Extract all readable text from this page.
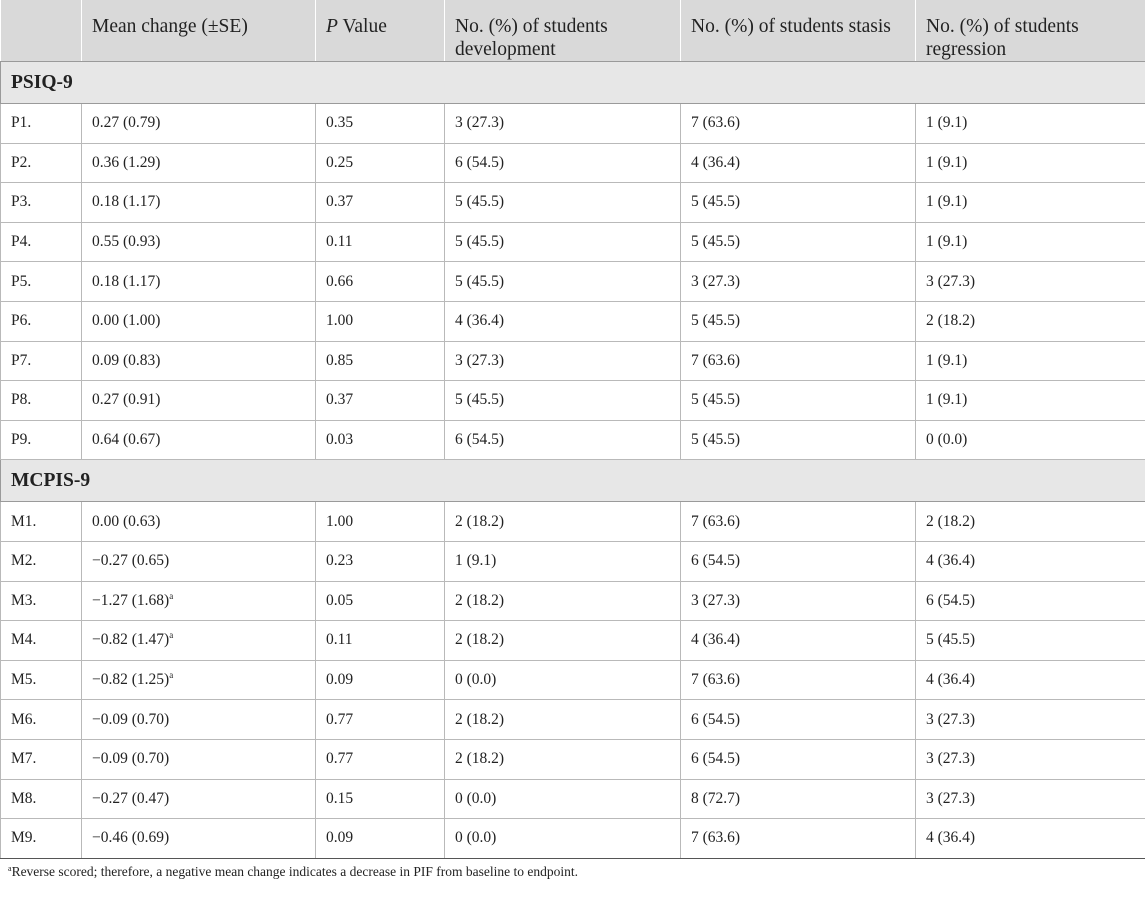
	Mean change (±SE)	P Value	No. (%) of students development	No. (%) of students stasis	No. (%) of students regression
PSIQ-9					
P1.	0.27 (0.79)	0.35	3 (27.3)	7 (63.6)	1 (9.1)
P2.	0.36 (1.29)	0.25	6 (54.5)	4 (36.4)	1 (9.1)
P3.	0.18 (1.17)	0.37	5 (45.5)	5 (45.5)	1 (9.1)
P4.	0.55 (0.93)	0.11	5 (45.5)	5 (45.5)	1 (9.1)
P5.	0.18 (1.17)	0.66	5 (45.5)	3 (27.3)	3 (27.3)
P6.	0.00 (1.00)	1.00	4 (36.4)	5 (45.5)	2 (18.2)
P7.	0.09 (0.83)	0.85	3 (27.3)	7 (63.6)	1 (9.1)
P8.	0.27 (0.91)	0.37	5 (45.5)	5 (45.5)	1 (9.1)
P9.	0.64 (0.67)	0.03	6 (54.5)	5 (45.5)	0 (0.0)
MCPIS-9					
M1.	0.00 (0.63)	1.00	2 (18.2)	7 (63.6)	2 (18.2)
M2.	−0.27 (0.65)	0.23	1 (9.1)	6 (54.5)	4 (36.4)
M3.	−1.27 $(1.68)^a$	0.05	2 (18.2)	3 (27.3)	6 (54.5)
M4.	−0.82 $(1.47)^a$	0.11	2 (18.2)	4 (36.4)	5 (45.5)
M5.	−0.82 $(1.25)^a$	0.09	0 (0.0)	7 (63.6)	4 (36.4)
M6.	−0.09 (0.70)	0.77	2 (18.2)	6 (54.5)	3 (27.3)
M7.	−0.09 (0.70)	0.77	2 (18.2)	6 (54.5)	3 (27.3)
M8.	−0.27 (0.47)	0.15	0 (0.0)	8 (72.7)	3 (27.3)
M9.	−0.46 (0.69)	0.09	0 (0.0)	7 (63.6)	4 (36.4)
$^a$Reverse scored; therefore, a negative mean change indicates a decrease in PIF from baseline to endpoint.
